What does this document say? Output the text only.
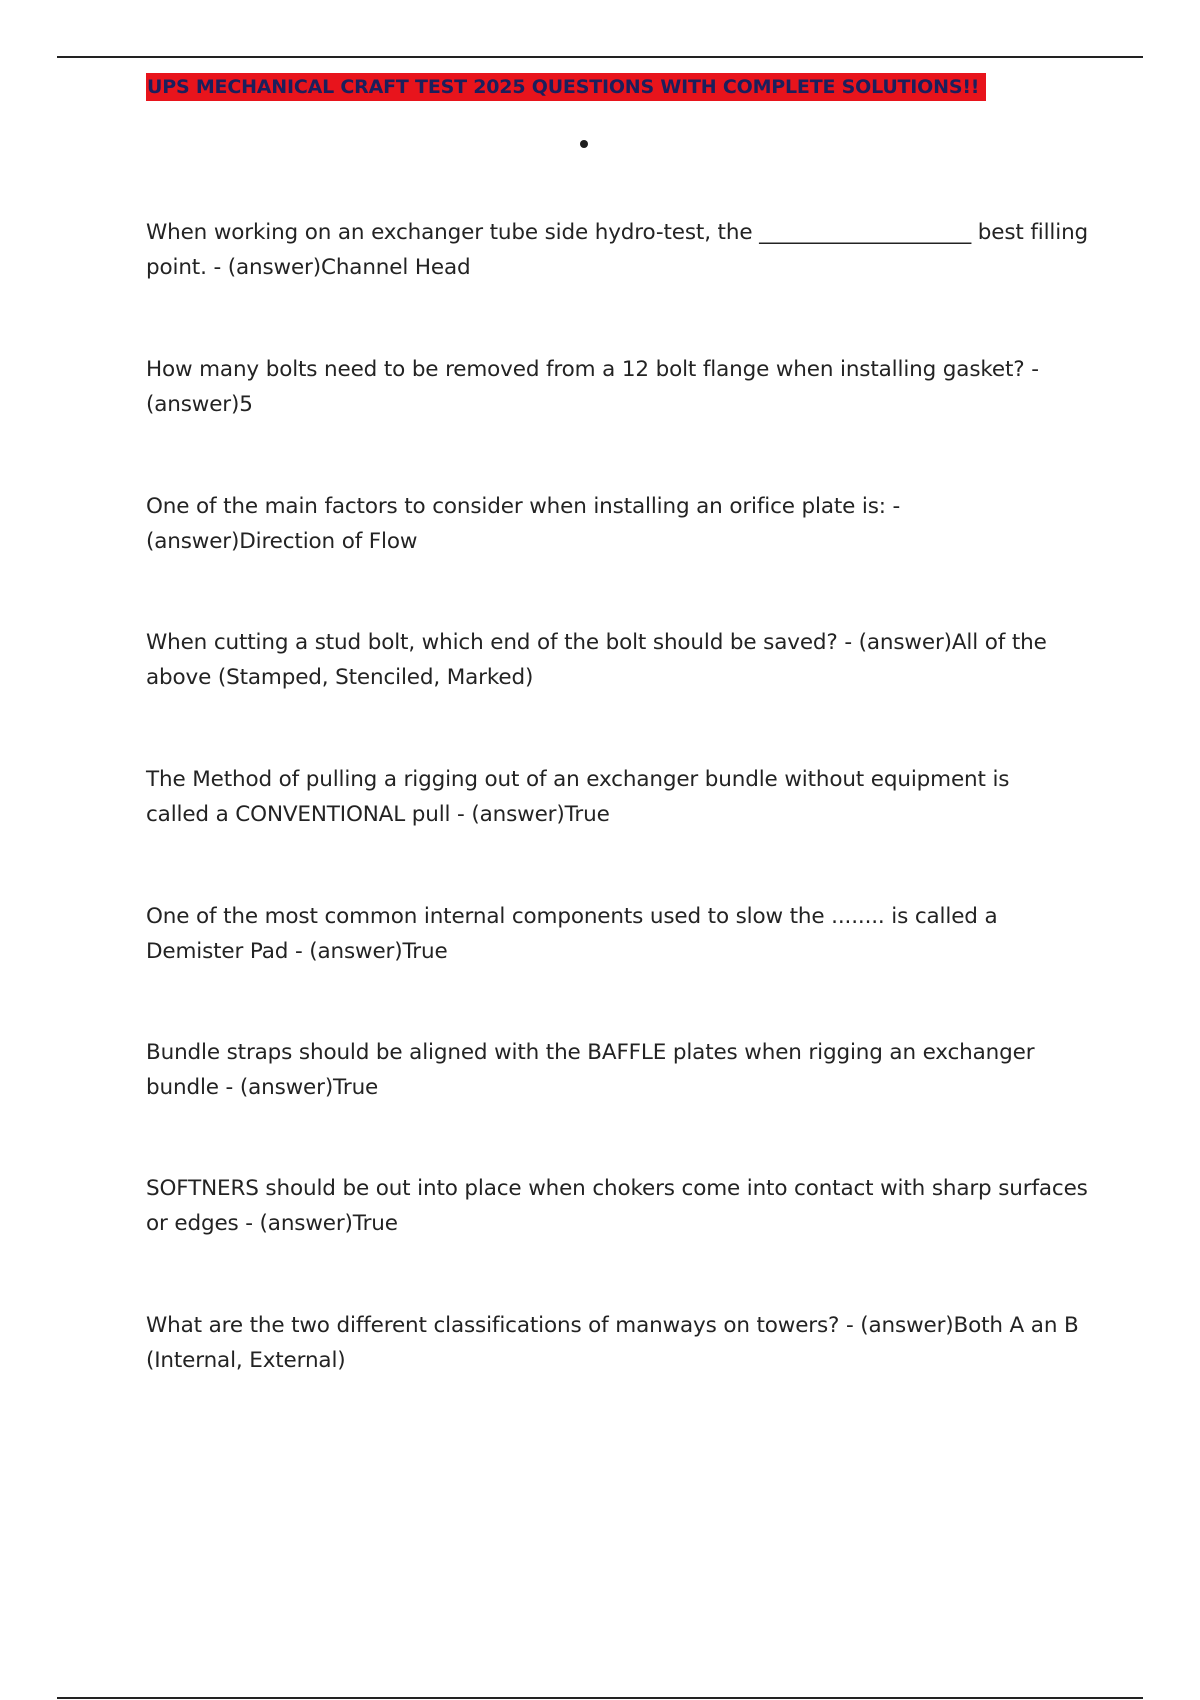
UPS MECHANICAL CRAFT TEST 2025 QUESTIONS WITH COMPLETE SOLUTIONS!!
When working on an exchanger tube side hydro-test, the ____________________ best filling
point. - (answer)Channel Head
How many bolts need to be removed from a 12 bolt flange when installing gasket? -
(answer)5
One of the main factors to consider when installing an orifice plate is: -
(answer)Direction of Flow
When cutting a stud bolt, which end of the bolt should be saved? - (answer)All of the
above (Stamped, Stenciled, Marked)
The Method of pulling a rigging out of an exchanger bundle without equipment is
called a CONVENTIONAL pull - (answer)True
One of the most common internal components used to slow the ........ is called a
Demister Pad - (answer)True
Bundle straps should be aligned with the BAFFLE plates when rigging an exchanger
bundle - (answer)True
SOFTNERS should be out into place when chokers come into contact with sharp surfaces
or edges - (answer)True
What are the two different classifications of manways on towers? - (answer)Both A an B
(Internal, External)
